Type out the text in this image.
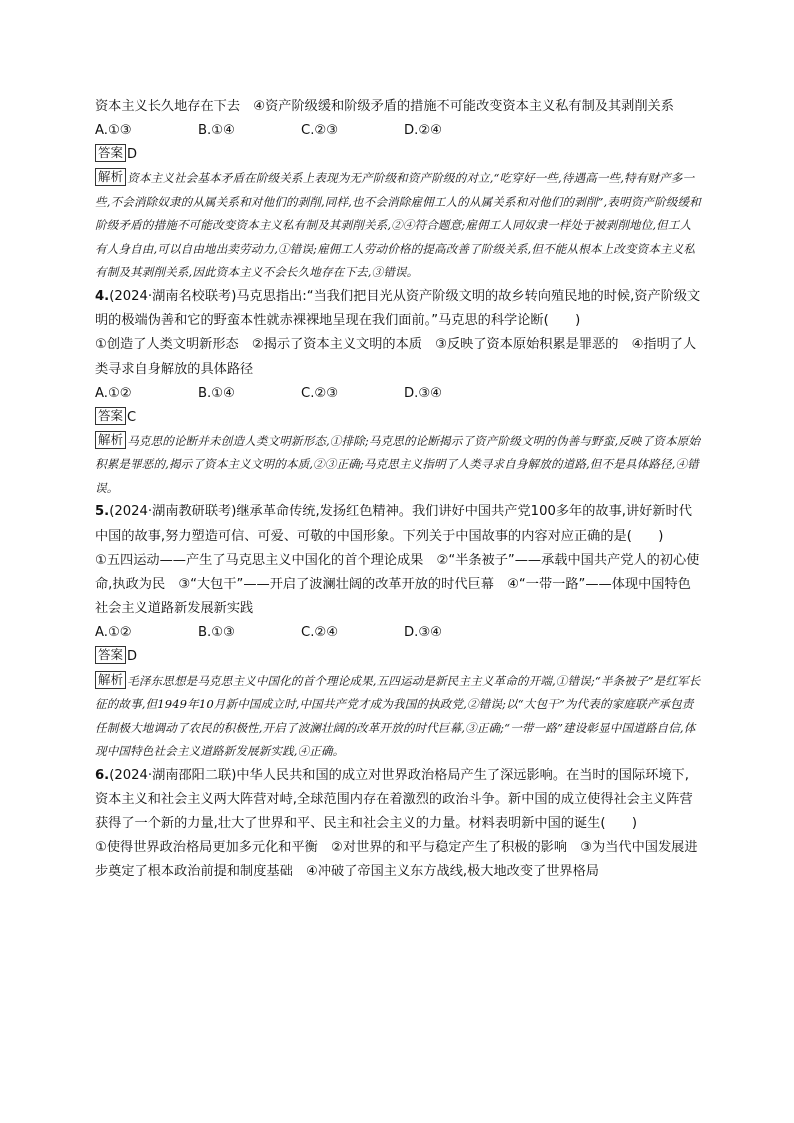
资本主义长久地存在下去　 ④资产阶级缓和阶级矛盾的措施不可能改变资本主义私有制及其剥削关系

A.①③	B.①④	C.②③	D.②④

答案 D

解析 资本主义社会基本矛盾在阶级关系上表现为无产阶级和资产阶级的对立,“吃穿好一些,待遇高一些,特有财产多一些,不会消除奴隶的从属关系和对他们的剥削,同样,也不会消除雇佣工人的从属关系和对他们的剥削”,表明资产阶级缓和阶级矛盾的措施不可能改变资本主义私有制及其剥削关系,②④符合题意;雇佣工人同奴隶一样处于被剥削地位,但工人有人身自由,可以自由地出卖劳动力,①错误;雇佣工人劳动价格的提高改善了阶级关系,但不能从根本上改变资本主义私有制及其剥削关系,因此资本主义不会长久地存在下去,③错误。

4.(2024·湖南名校联考)马克思指出:“当我们把目光从资产阶级文明的故乡转向殖民地的时候,资产阶级文明的极端伪善和它的野蛮本性就赤裸裸地呈现在我们面前。”马克思的科学论断(　　)

①创造了人类文明新形态　②揭示了资本主义文明的本质　③反映了资本原始积累是罪恶的　④指明了人类寻求自身解放的具体路径

A.①②	B.①④	C.②③	D.③④

答案 C

解析 马克思的论断并未创造人类文明新形态,①排除;马克思的论断揭示了资产阶级文明的伪善与野蛮,反映了资本原始积累是罪恶的,揭示了资本主义文明的本质,②③正确;马克思主义指明了人类寻求自身解放的道路,但不是具体路径,④错误。

5.(2024·湖南教研联考)继承革命传统,发扬红色精神。我们讲好中国共产党100多年的故事,讲好新时代中国的故事,努力塑造可信、可爱、可敬的中国形象。下列关于中国故事的内容对应正确的是(　　)

①五四运动——产生了马克思主义中国化的首个理论成果　②“半条被子”——承载中国共产党人的初心使命,执政为民　③“大包干”——开启了波澜壮阔的改革开放的时代巨幕　④“一带一路”——体现中国特色社会主义道路新发展新实践

A.①②	B.①③	C.②④	D.③④

答案 D

解析 毛泽东思想是马克思主义中国化的首个理论成果,五四运动是新民主主义革命的开端,①错误;“半条被子”是红军长征的故事,但1949年10月新中国成立时,中国共产党才成为我国的执政党,②错误;以“大包干”为代表的家庭联产承包责任制极大地调动了农民的积极性,开启了波澜壮阔的改革开放的时代巨幕,③正确;“一带一路”建设彰显中国道路自信,体现中国特色社会主义道路新发展新实践,④正确。

6.(2024·湖南邵阳二联)中华人民共和国的成立对世界政治格局产生了深远影响。在当时的国际环境下,资本主义和社会主义两大阵营对峙,全球范围内存在着激烈的政治斗争。新中国的成立使得社会主义阵营获得了一个新的力量,壮大了世界和平、民主和社会主义的力量。材料表明新中国的诞生(　　)

①使得世界政治格局更加多元化和平衡　②对世界的和平与稳定产生了积极的影响　③为当代中国发展进步奠定了根本政治前提和制度基础　④冲破了帝国主义东方战线,极大地改变了世界格局
